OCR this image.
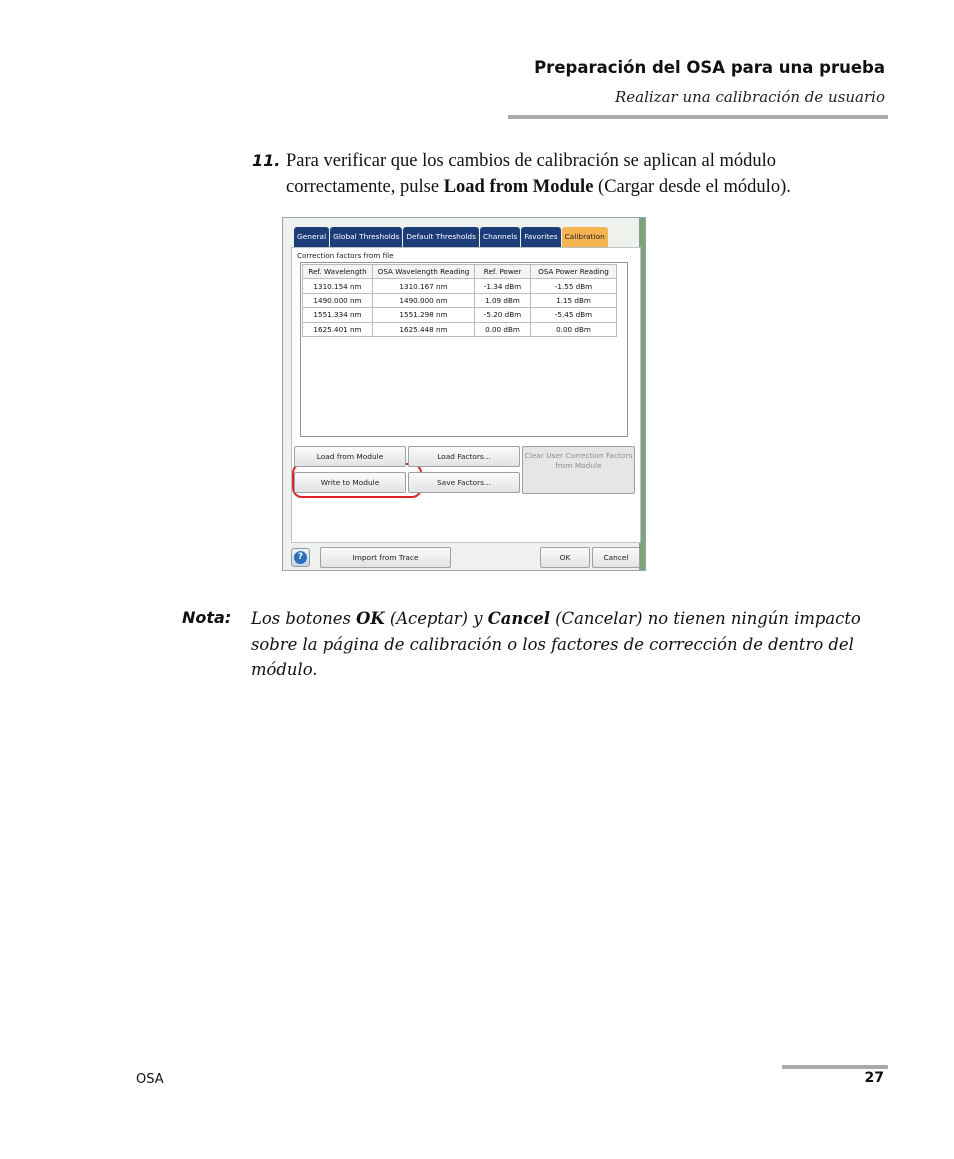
Preparación del OSA para una prueba
Realizar una calibración de usuario
11. Para verificar que los cambios de calibración se aplican al módulo correctamente, pulse Load from Module (Cargar desde el módulo).
General Global Thresholds Default Thresholds Channels Favorites Calibration
Correction factors from file
Ref. Wavelength	OSA Wavelength Reading	Ref. Power	OSA Power Reading
1310.154 nm	1310.167 nm	-1.34 dBm	-1.55 dBm
1490.000 nm	1490.000 nm	1.09 dBm	1.15 dBm
1551.334 nm	1551.298 nm	-5.20 dBm	-5.45 dBm
1625.401 nm	1625.448 nm	0.00 dBm	0.00 dBm
Load from Module	Load Factors...	Clear User Correction Factors from Module
Write to Module	Save Factors...
?	Import from Trace	OK	Cancel
Nota: Los botones OK (Aceptar) y Cancel (Cancelar) no tienen ningún impacto sobre la página de calibración o los factores de corrección de dentro del módulo.
OSA	27
